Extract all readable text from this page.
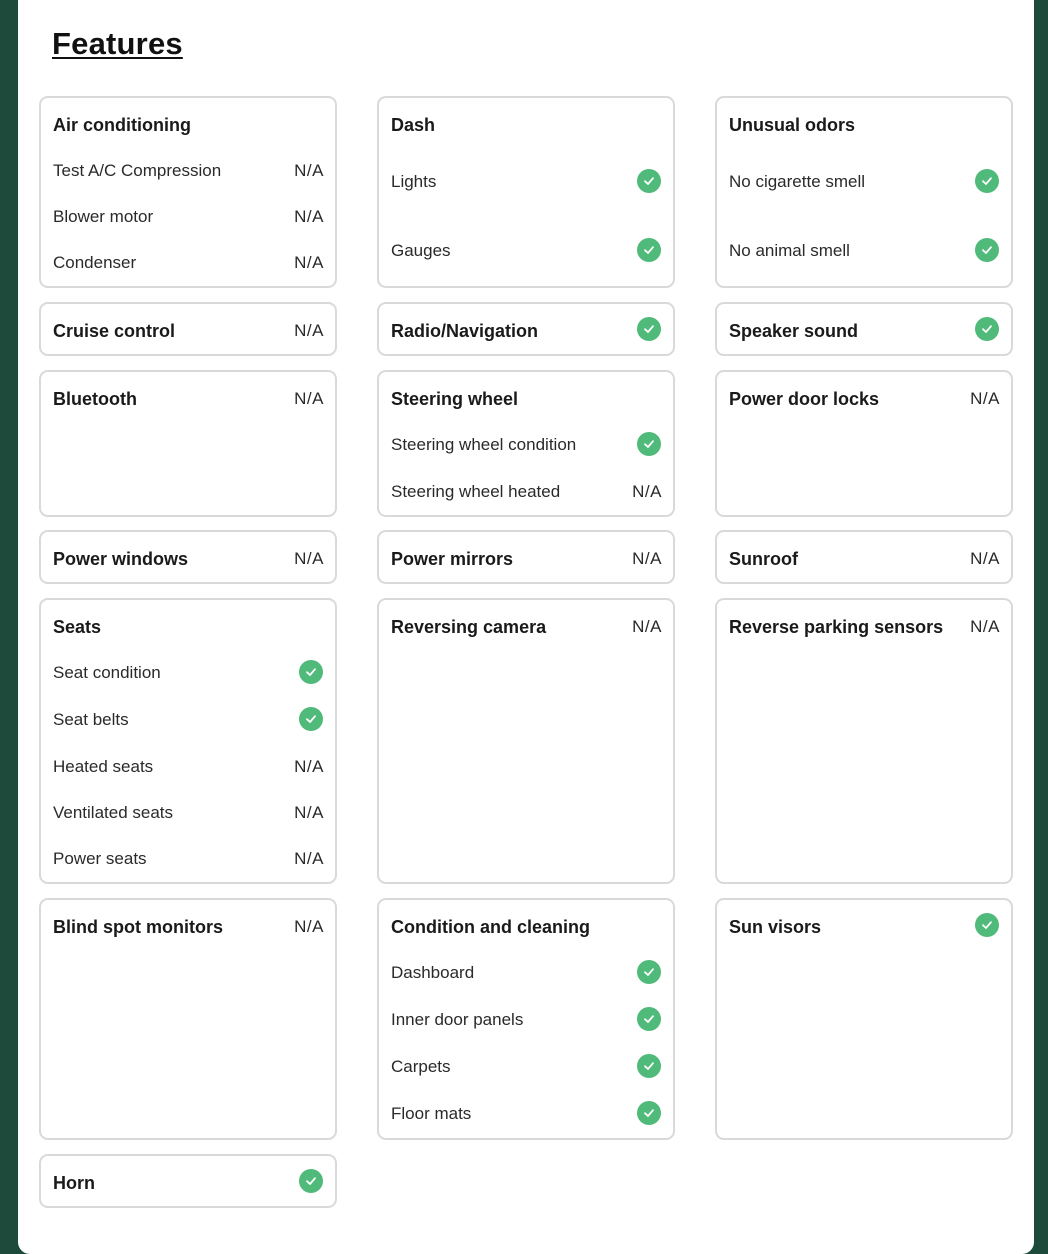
Features
Air conditioning
Test A/C Compression	N/A
Blower motor	N/A
Condenser	N/A
Dash
Lights
Gauges
Unusual odors
No cigarette smell
No animal smell
Cruise control	N/A	Radio/Navigation	Speaker sound
Bluetooth	N/A	Steering wheel
Steering wheel condition
Steering wheel heated	N/A
Power door locks	N/A
Power windows	N/A	Power mirrors	N/A	Sunroof	N/A
Seats
Seat condition
Seat belts
Heated seats	N/A
Ventilated seats	N/A
Power seats	N/A
Reversing camera	N/A	Reverse parking sensors N/A
Blind spot monitors	N/A	Condition and cleaning
Dashboard
Inner door panels
Carpets
Floor mats
Sun visors
Horn
